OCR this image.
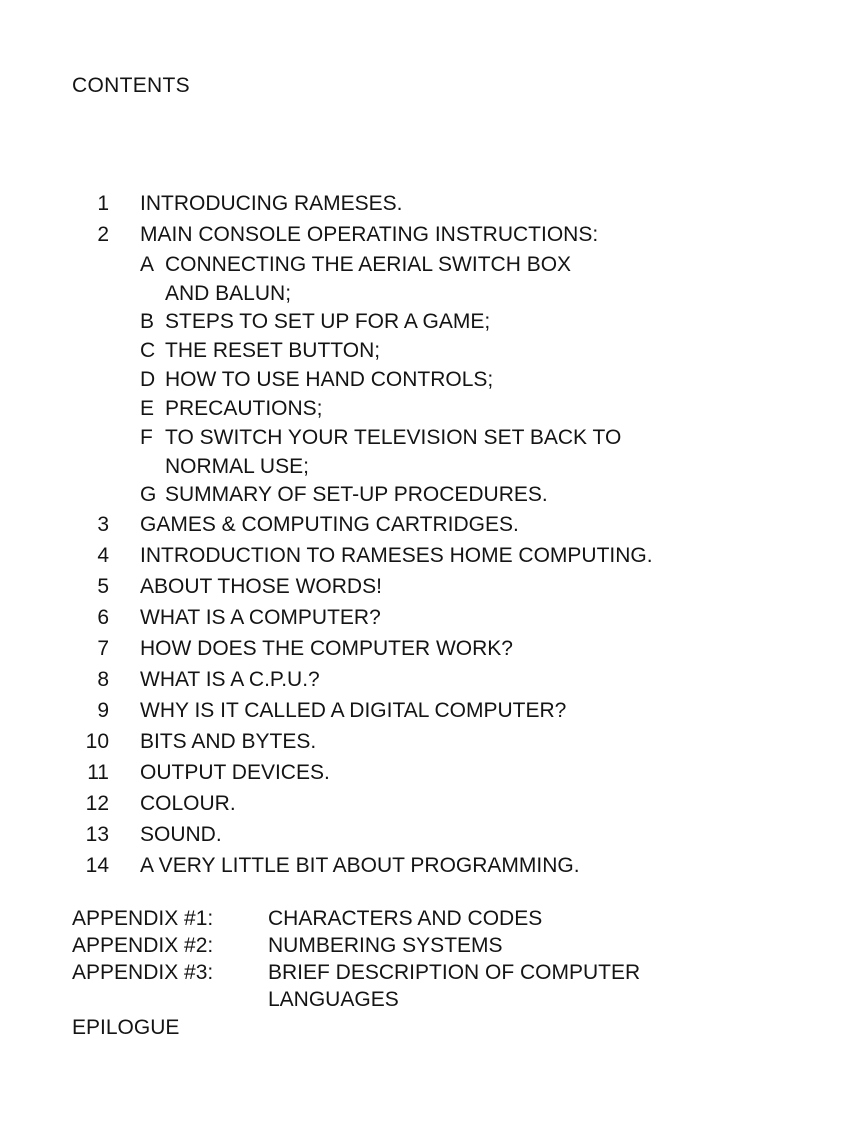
CONTENTS
1 INTRODUCING RAMESES.
2 MAIN CONSOLE OPERATING INSTRUCTIONS:
A CONNECTING THE AERIAL SWITCH BOX
AND BALUN;
B STEPS TO SET UP FOR A GAME;
C THE RESET BUTTON;
D HOW TO USE HAND CONTROLS;
E PRECAUTIONS;
F TO SWITCH YOUR TELEVISION SET BACK TO
NORMAL USE;
G SUMMARY OF SET-UP PROCEDURES.
3 GAMES & COMPUTING CARTRIDGES.
4 INTRODUCTION TO RAMESES HOME COMPUTING.
5 ABOUT THOSE WORDS!
6 WHAT IS A COMPUTER?
7 HOW DOES THE COMPUTER WORK?
8 WHAT IS A C.P.U.?
9 WHY IS IT CALLED A DIGITAL COMPUTER?
10 BITS AND BYTES.
11 OUTPUT DEVICES.
12 COLOUR.
13 SOUND.
14 A VERY LITTLE BIT ABOUT PROGRAMMING.
APPENDIX #1:	CHARACTERS AND CODES
APPENDIX #2:	NUMBERING SYSTEMS
APPENDIX #3:	BRIEF DESCRIPTION OF COMPUTER
LANGUAGES
EPILOGUE
